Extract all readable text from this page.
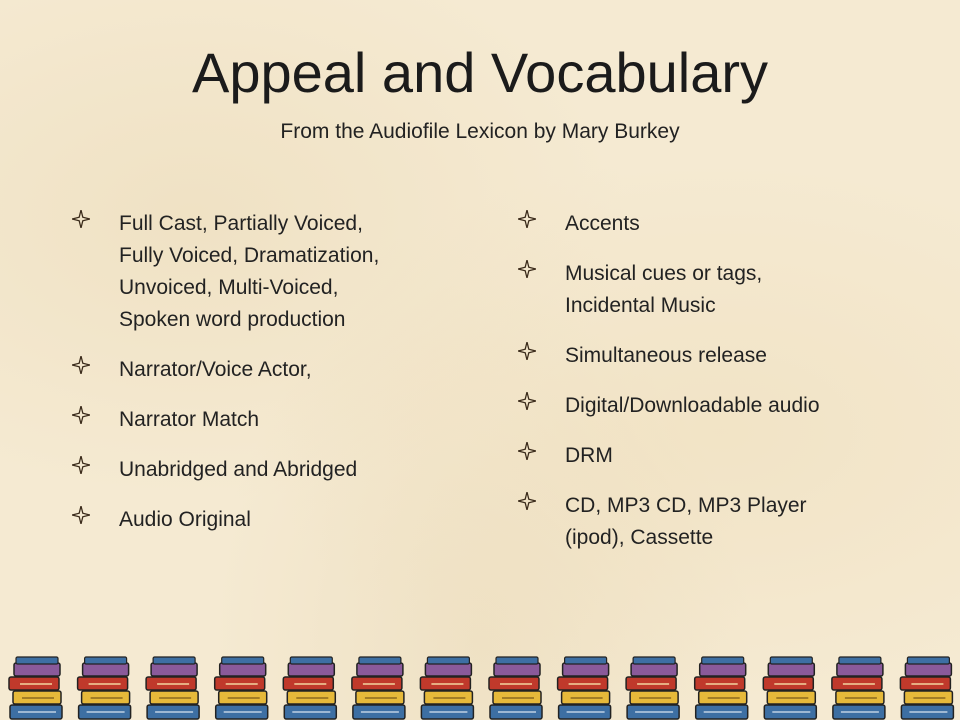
Appeal and Vocabulary
From the Audiofile Lexicon by Mary Burkey
Full Cast, Partially Voiced,
Fully Voiced, Dramatization,
Unvoiced, Multi-Voiced,
Spoken word production
Narrator/Voice Actor,
Narrator Match
Unabridged and Abridged
Audio Original
Accents
Musical cues or tags,
Incidental Music
Simultaneous release
Digital/Downloadable audio
DRM
CD, MP3 CD, MP3 Player
(ipod), Cassette
